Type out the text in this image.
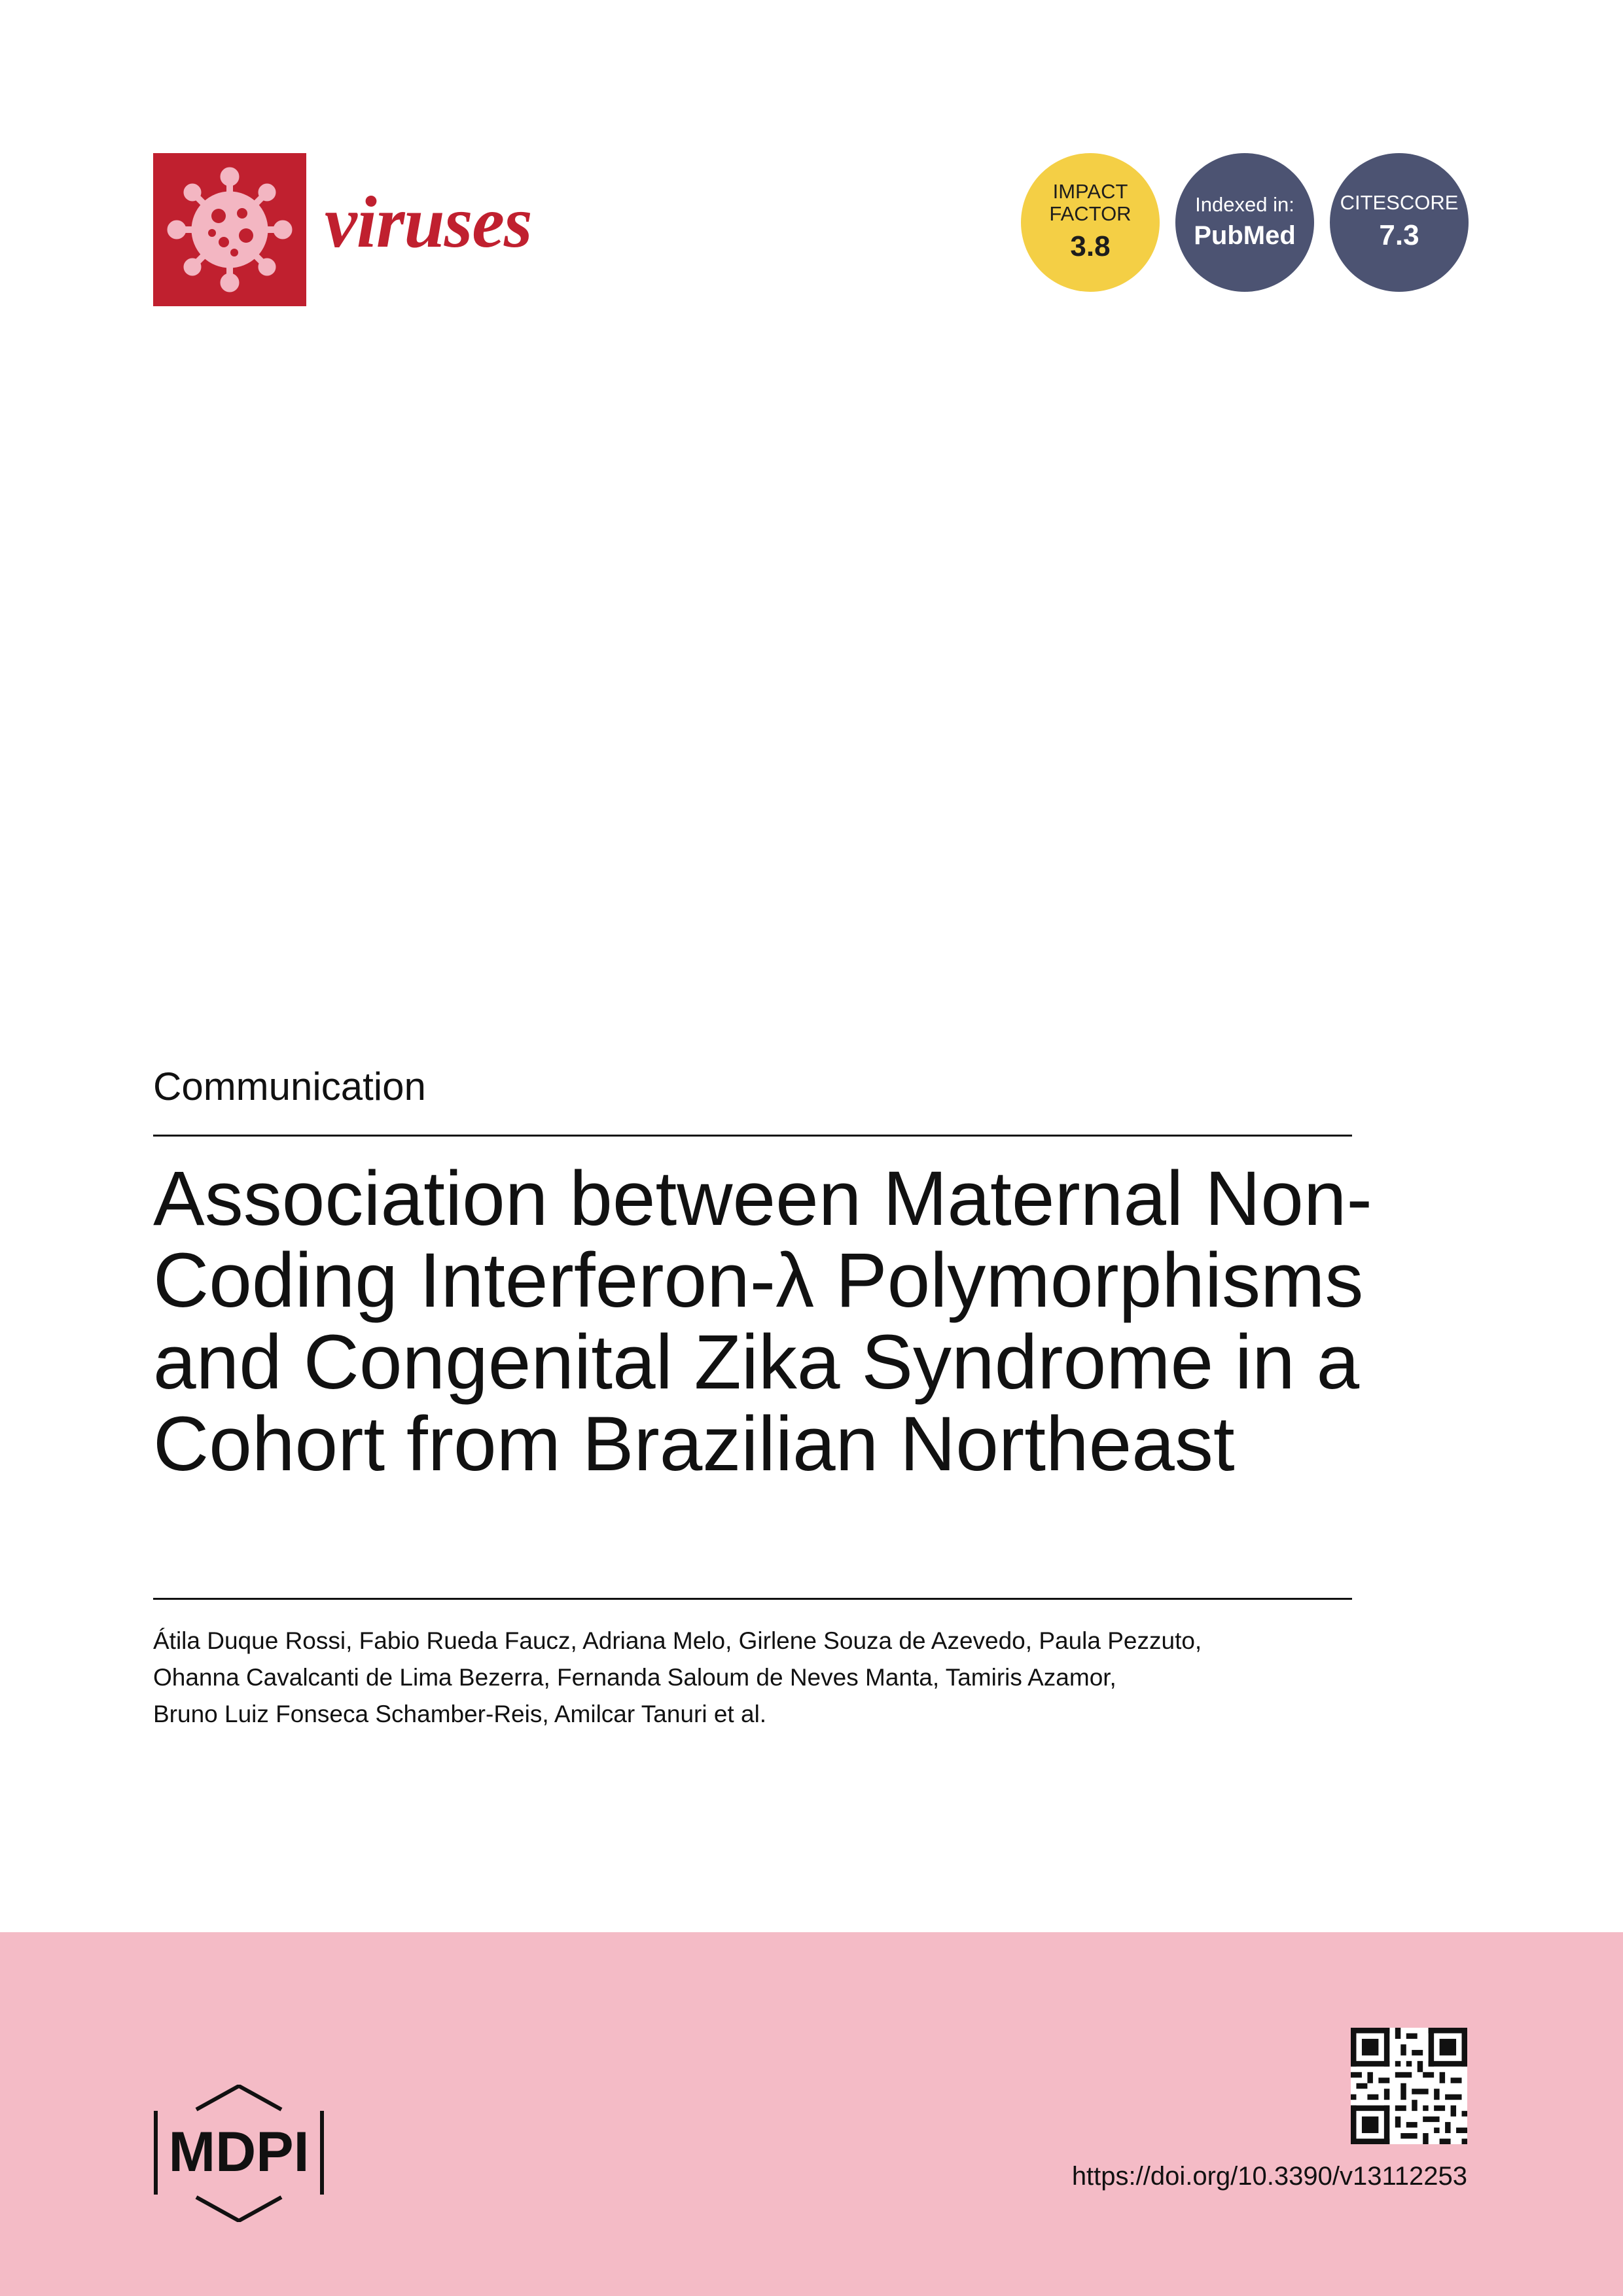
viruses	IMPACT
FACTOR
3.8
Indexed in:
PubMed
CITESCORE
7.3
Communication
Association between Maternal Non-Coding Interferon-λ Polymorphisms and Congenital Zika Syndrome in a Cohort from Brazilian Northeast
Átila Duque Rossi, Fabio Rueda Faucz, Adriana Melo, Girlene Souza de Azevedo, Paula Pezzuto,
Ohanna Cavalcanti de Lima Bezerra, Fernanda Saloum de Neves Manta, Tamiris Azamor,
Bruno Luiz Fonseca Schamber-Reis, Amilcar Tanuri et al.
MDPI	https://doi.org/10.3390/v13112253
